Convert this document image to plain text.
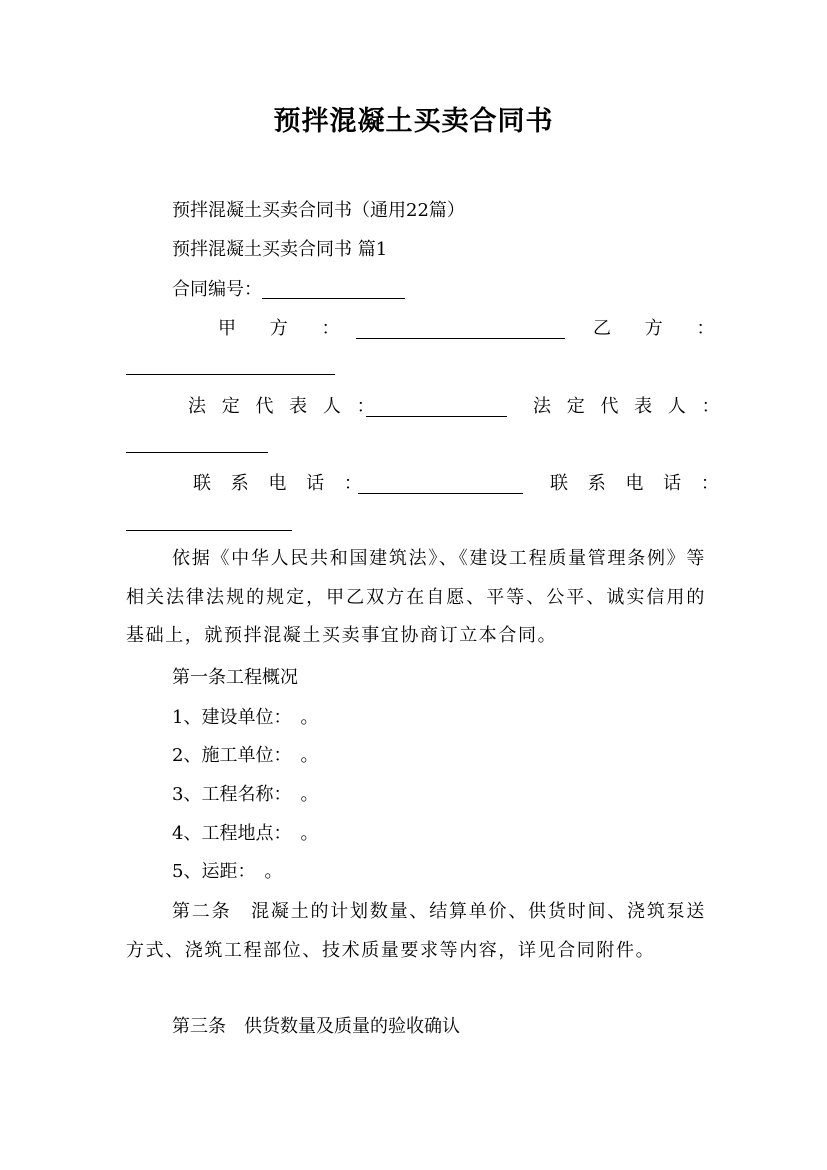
预拌混凝土买卖合同书
预拌混凝土买卖合同书（通用22篇）
预拌混凝土买卖合同书 篇1
合同编号：
甲 方 ：	乙 方 ：
法 定 代 表 人 ：	法 定 代 表 人 ：
联 系 电 话 ：	联 系 电 话 ：
依据《中华人民共和国建筑法》、《建设工程质量管理条例》等相关法律法规的规定，甲乙双方在自愿、平等、公平、诚实信用的基础上，就预拌混凝土买卖事宜协商订立本合同。
第一条工程概况
1、建设单位：　。
2、施工单位：　。
3、工程名称：　。
4、工程地点：　。
5、运距：　。
第二条　混凝土的计划数量、结算单价、供货时间、浇筑泵送方式、浇筑工程部位、技术质量要求等内容，详见合同附件。
第三条　供货数量及质量的验收确认
